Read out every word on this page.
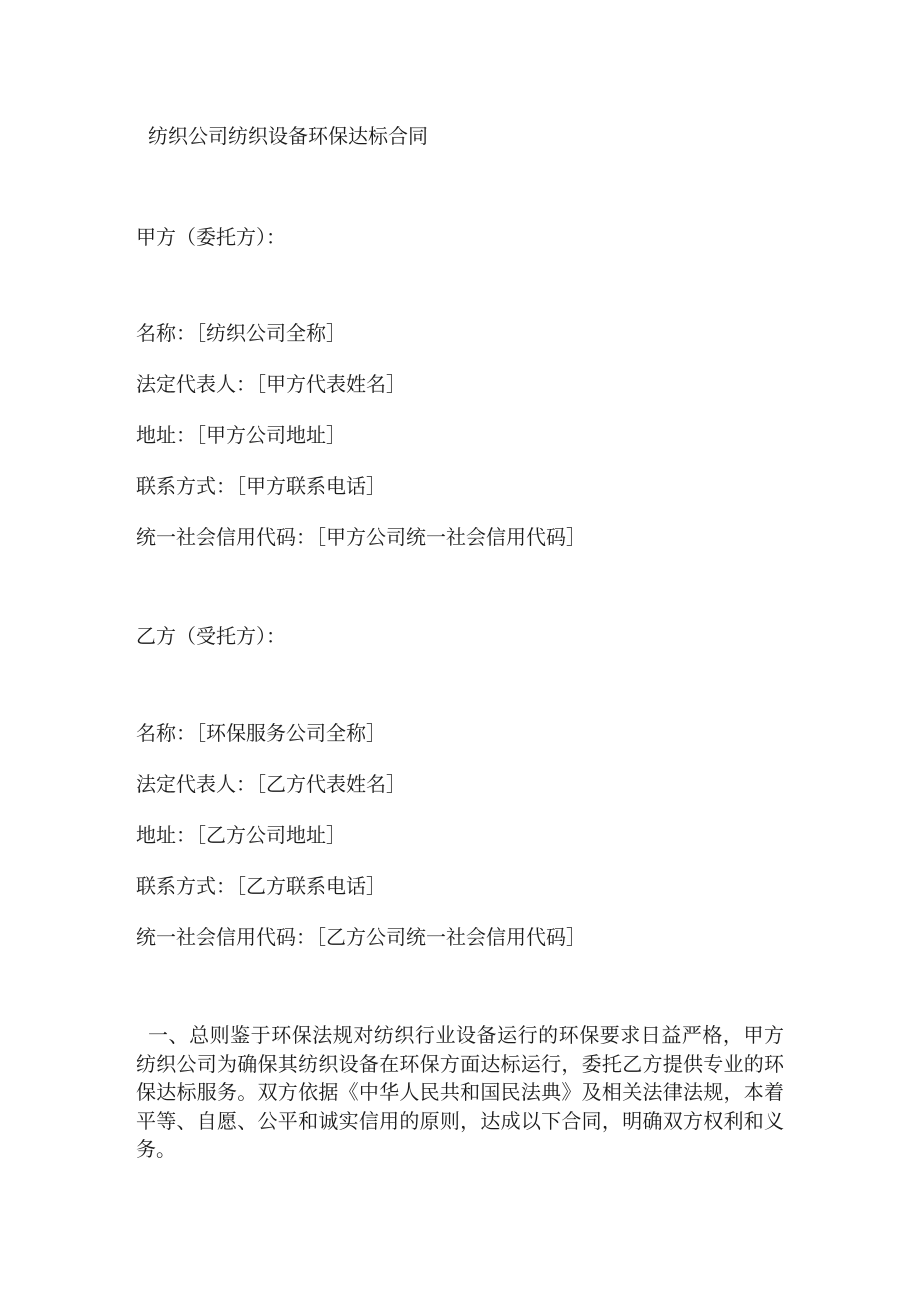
纺织公司纺织设备环保达标合同
甲方（委托方）：
名称：［纺织公司全称］
法定代表人：［甲方代表姓名］
地址：［甲方公司地址］
联系方式：［甲方联系电话］
统一社会信用代码：［甲方公司统一社会信用代码］
乙方（受托方）：
名称：［环保服务公司全称］
法定代表人：［乙方代表姓名］
地址：［乙方公司地址］
联系方式：［乙方联系电话］
统一社会信用代码：［乙方公司统一社会信用代码］
一、总则鉴于环保法规对纺织行业设备运行的环保要求日益严格，甲方纺织公司为确保其纺织设备在环保方面达标运行，委托乙方提供专业的环保达标服务。双方依据《中华人民共和国民法典》及相关法律法规，本着平等、自愿、公平和诚实信用的原则，达成以下合同，明确双方权利和义务。
